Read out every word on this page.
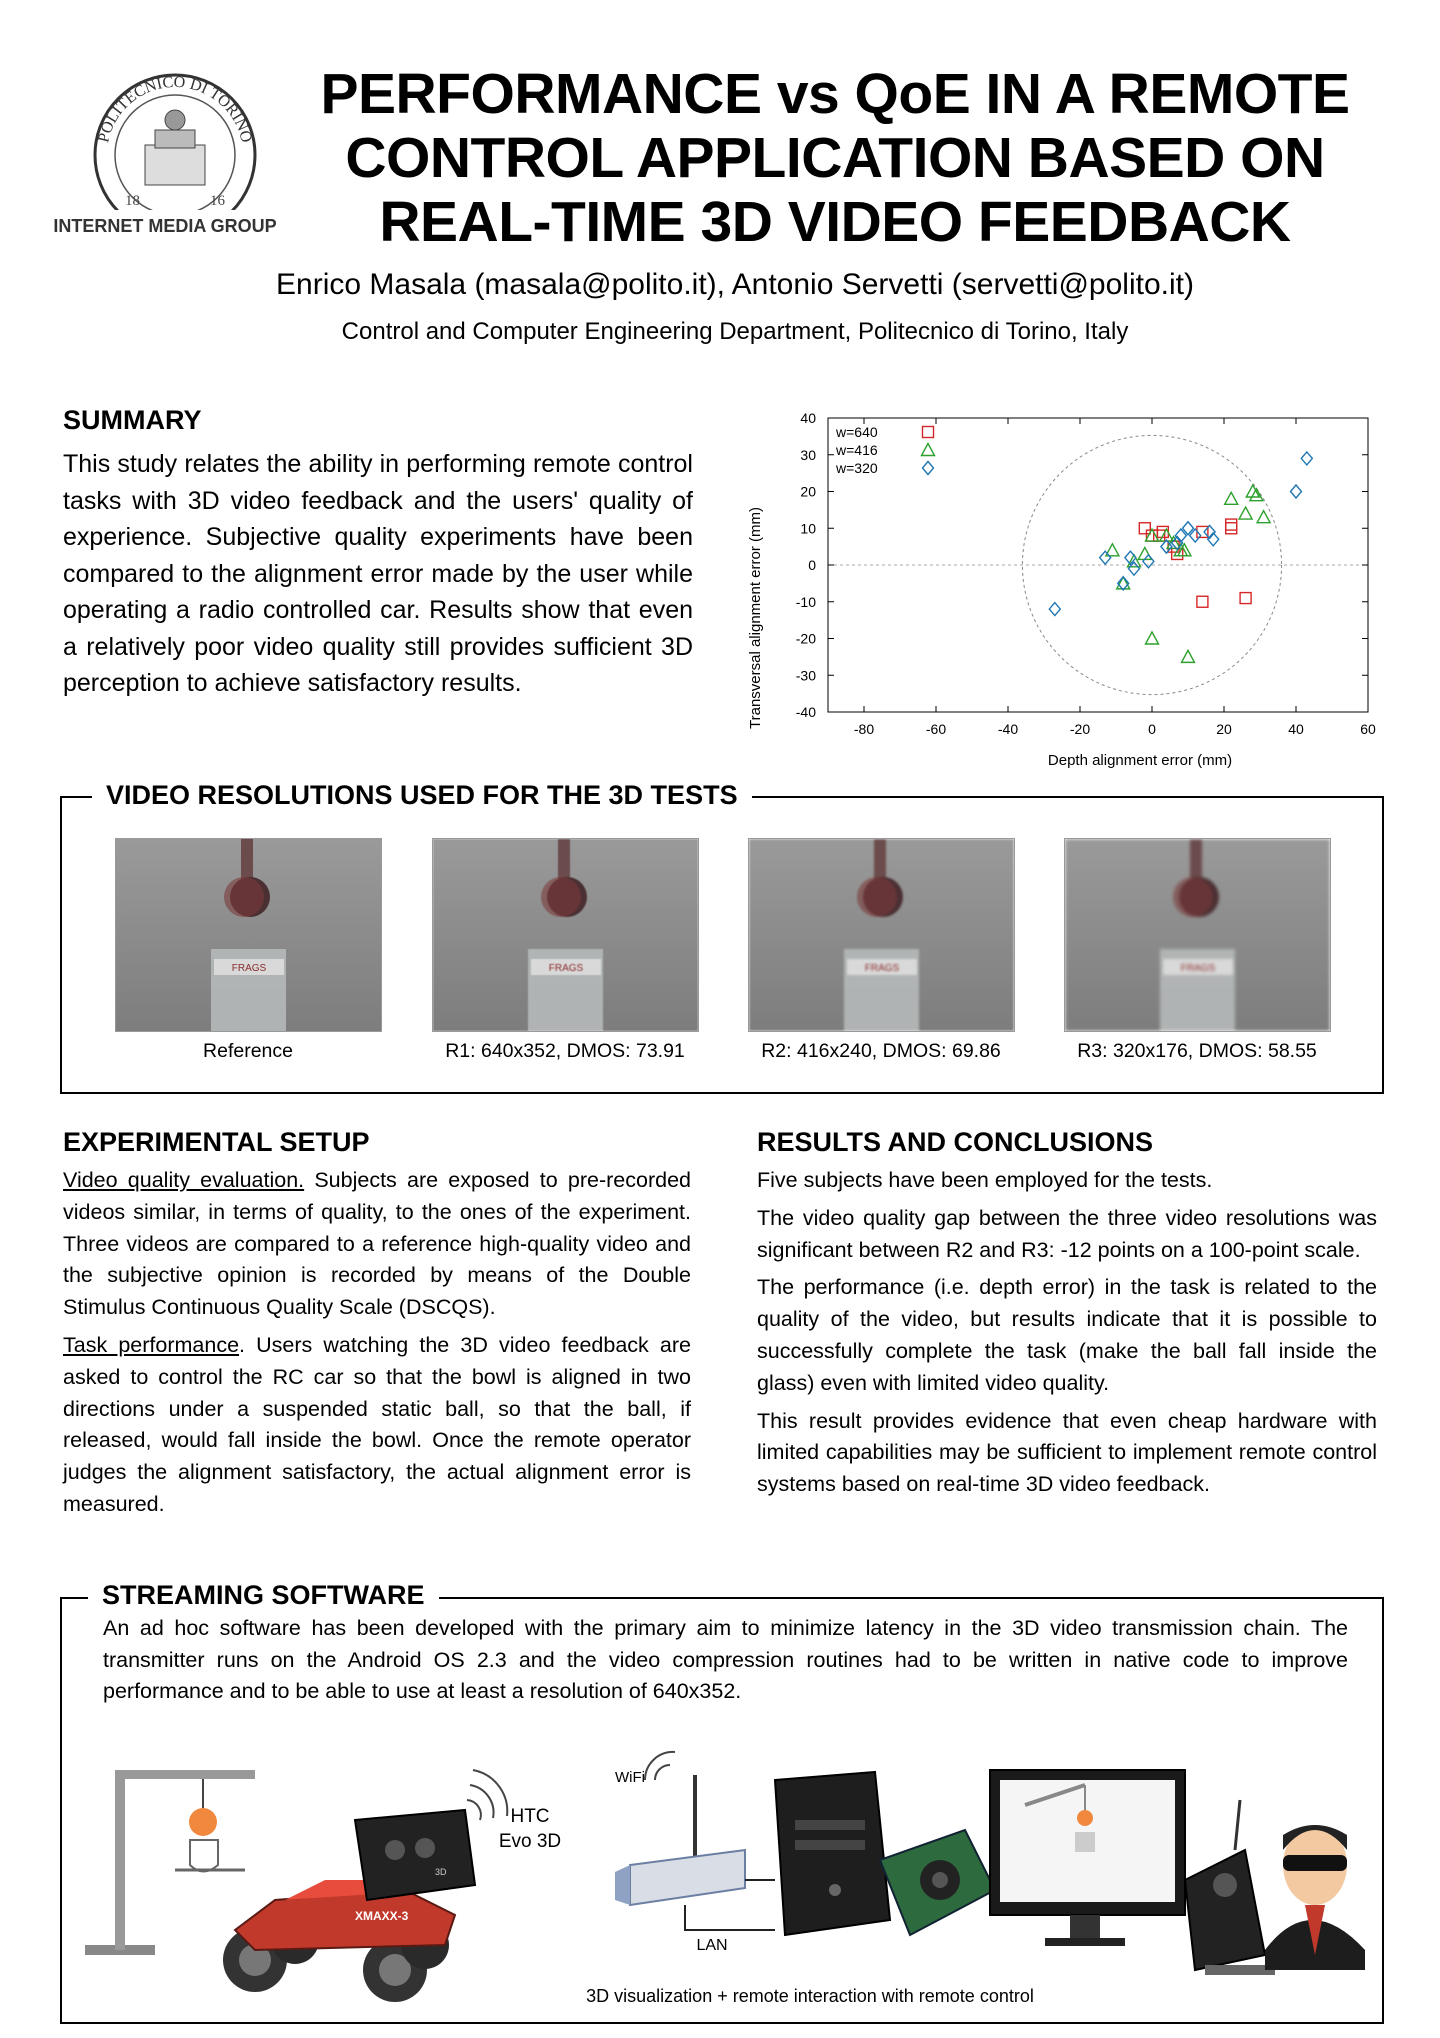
POLITECNICO DI TORINO
18	16
INTERNET MEDIA GROUP
PERFORMANCE vs QoE IN A REMOTE
CONTROL APPLICATION BASED ON
REAL-TIME 3D VIDEO FEEDBACK
Enrico Masala (masala@polito.it), Antonio Servetti (servetti@polito.it)
Control and Computer Engineering Department, Politecnico di Torino, Italy
SUMMARY
This study relates the ability in performing remote control tasks with 3D video feedback and the users' quality of experience. Subjective quality experiments have been compared to the alignment error made by the user while operating a radio controlled car. Results show that even a relatively poor video quality still provides sufficient 3D perception to achieve satisfactory results.
-80	-60	-40	-20	0	20	40	60
40
30
20
10
0
-10
-20
-30
-40
w=640
w=416
w=320
Depth alignment error (mm)
Transversal alignment error (mm)
VIDEO RESOLUTIONS USED FOR THE 3D TESTS
FRAGS
Reference
FRAGS
R1: 640x352, DMOS: 73.91
FRAGS
R2: 416x240, DMOS: 69.86
FRAGS
R3: 320x176, DMOS: 58.55
EXPERIMENTAL SETUP

Video quality evaluation. Subjects are exposed to pre-recorded videos similar, in terms of quality, to the ones of the experiment. Three videos are compared to a reference high-quality video and the subjective opinion is recorded by means of the Double Stimulus Continuous Quality Scale (DSCQS).

Task performance. Users watching the 3D video feedback are asked to control the RC car so that the bowl is aligned in two directions under a suspended static ball, so that the ball, if released, would fall inside the bowl. Once the remote operator judges the alignment satisfactory, the actual alignment error is measured.

RESULTS AND CONCLUSIONS

Five subjects have been employed for the tests.

The video quality gap between the three video resolutions was significant between R2 and R3: -12 points on a 100-point scale.

The performance (i.e. depth error) in the task is related to the quality of the video, but results indicate that it is possible to successfully complete the task (make the ball fall inside the glass) even with limited video quality.

This result provides evidence that even cheap hardware with limited capabilities may be sufficient to implement remote control systems based on real-time 3D video feedback.

STREAMING SOFTWARE
An ad hoc software has been developed with the primary aim to minimize latency in the 3D video transmission chain. The transmitter runs on the Android OS 2.3 and the video compression routines had to be written in native code to improve performance and to be able to use at least a resolution of 640x352.
XMAXX-3
3D
HTC
Evo 3D
WiFi
LAN
3D visualization + remote interaction with remote control
